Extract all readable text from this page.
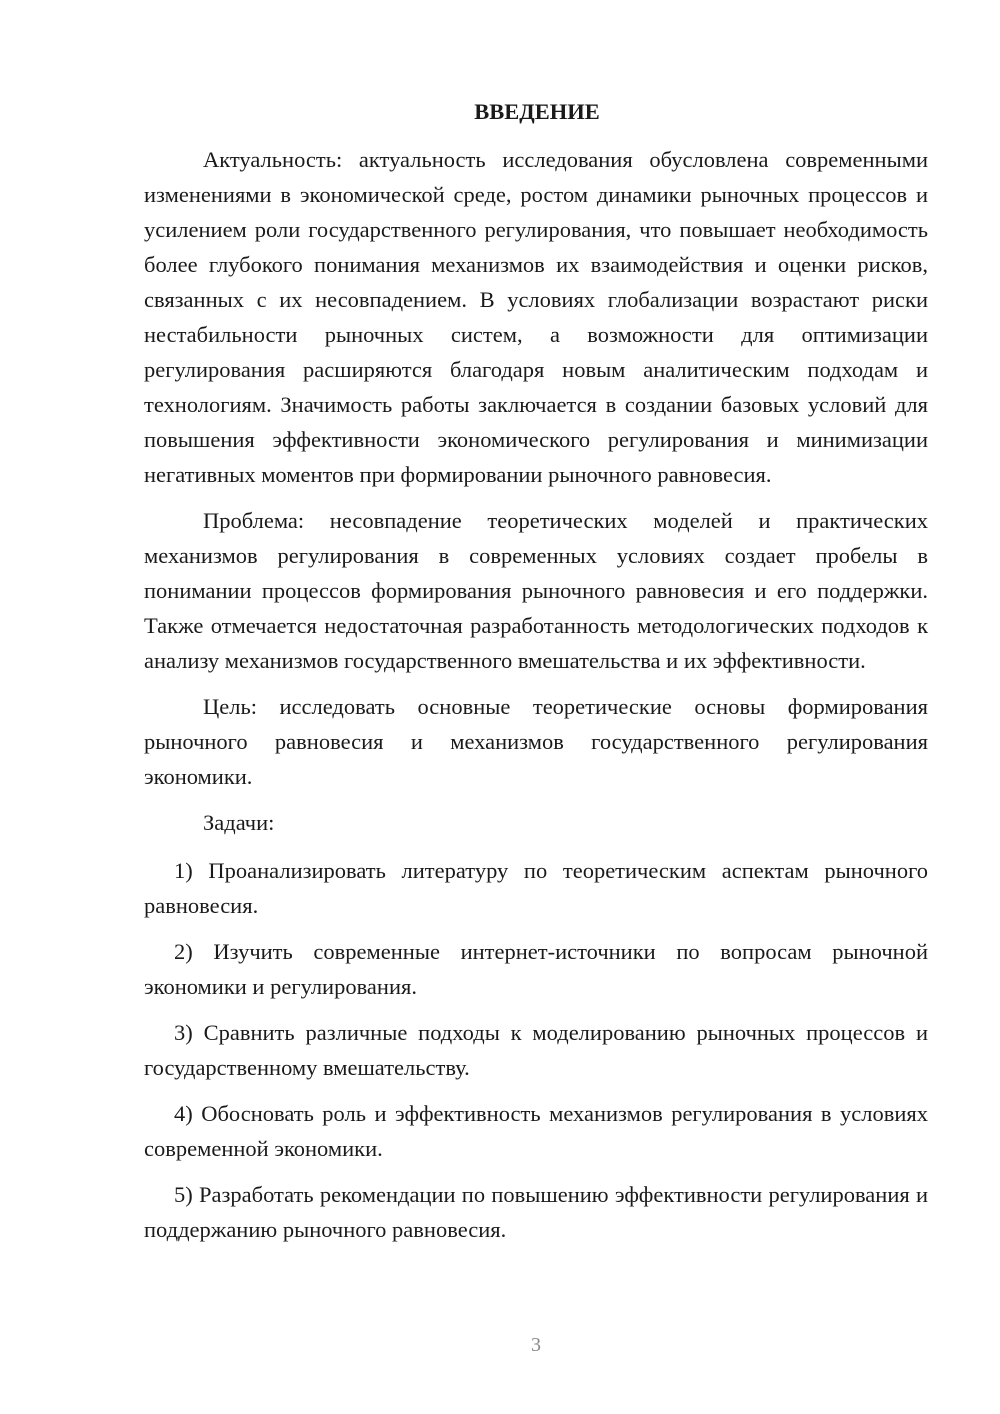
ВВЕДЕНИЕ

Актуальность: актуальность исследования обусловлена современными изменениями в экономической среде, ростом динамики рыночных процессов и усилением роли государственного регулирования, что повышает необходимость более глубокого понимания механизмов их взаимодействия и оценки рисков, связанных с их несовпадением. В условиях глобализации возрастают риски нестабильности рыночных систем, а возможности для оптимизации регулирования расширяются благодаря новым аналитическим подходам и технологиям. Значимость работы заключается в создании базовых условий для повышения эффективности экономического регулирования и минимизации негативных моментов при формировании рыночного равновесия.

Проблема: несовпадение теоретических моделей и практических механизмов регулирования в современных условиях создает пробелы в понимании процессов формирования рыночного равновесия и его поддержки. Также отмечается недостаточная разработанность методологических подходов к анализу механизмов государственного вмешательства и их эффективности.

Цель: исследовать основные теоретические основы формирования рыночного равновесия и механизмов государственного регулирования экономики.

Задачи:

1) Проанализировать литературу по теоретическим аспектам рыночного равновесия.

2) Изучить современные интернет-источники по вопросам рыночной экономики и регулирования.

3) Сравнить различные подходы к моделированию рыночных процессов и государственному вмешательству.

4) Обосновать роль и эффективность механизмов регулирования в условиях современной экономики.

5) Разработать рекомендации по повышению эффективности регулирования и поддержанию рыночного равновесия.

3
